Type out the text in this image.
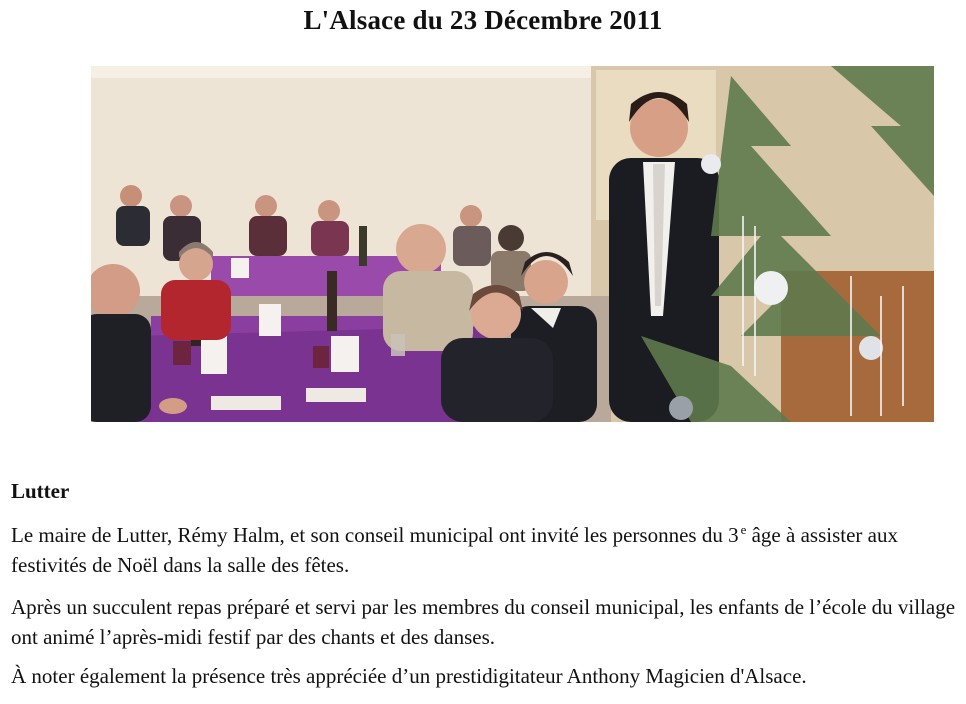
L'Alsace du 23 Décembre 2011
Lutter

Le maire de Lutter, Rémy Halm, et son conseil municipal ont invité les personnes du 3 $^e$ âge à assister aux festivités de Noël dans la salle des fêtes.

Après un succulent repas préparé et servi par les membres du conseil municipal, les enfants de l’école du village ont animé l’après-midi festif par des chants et des danses.

À noter également la présence très appréciée d’un prestidigitateur Anthony Magicien d'Alsace.
